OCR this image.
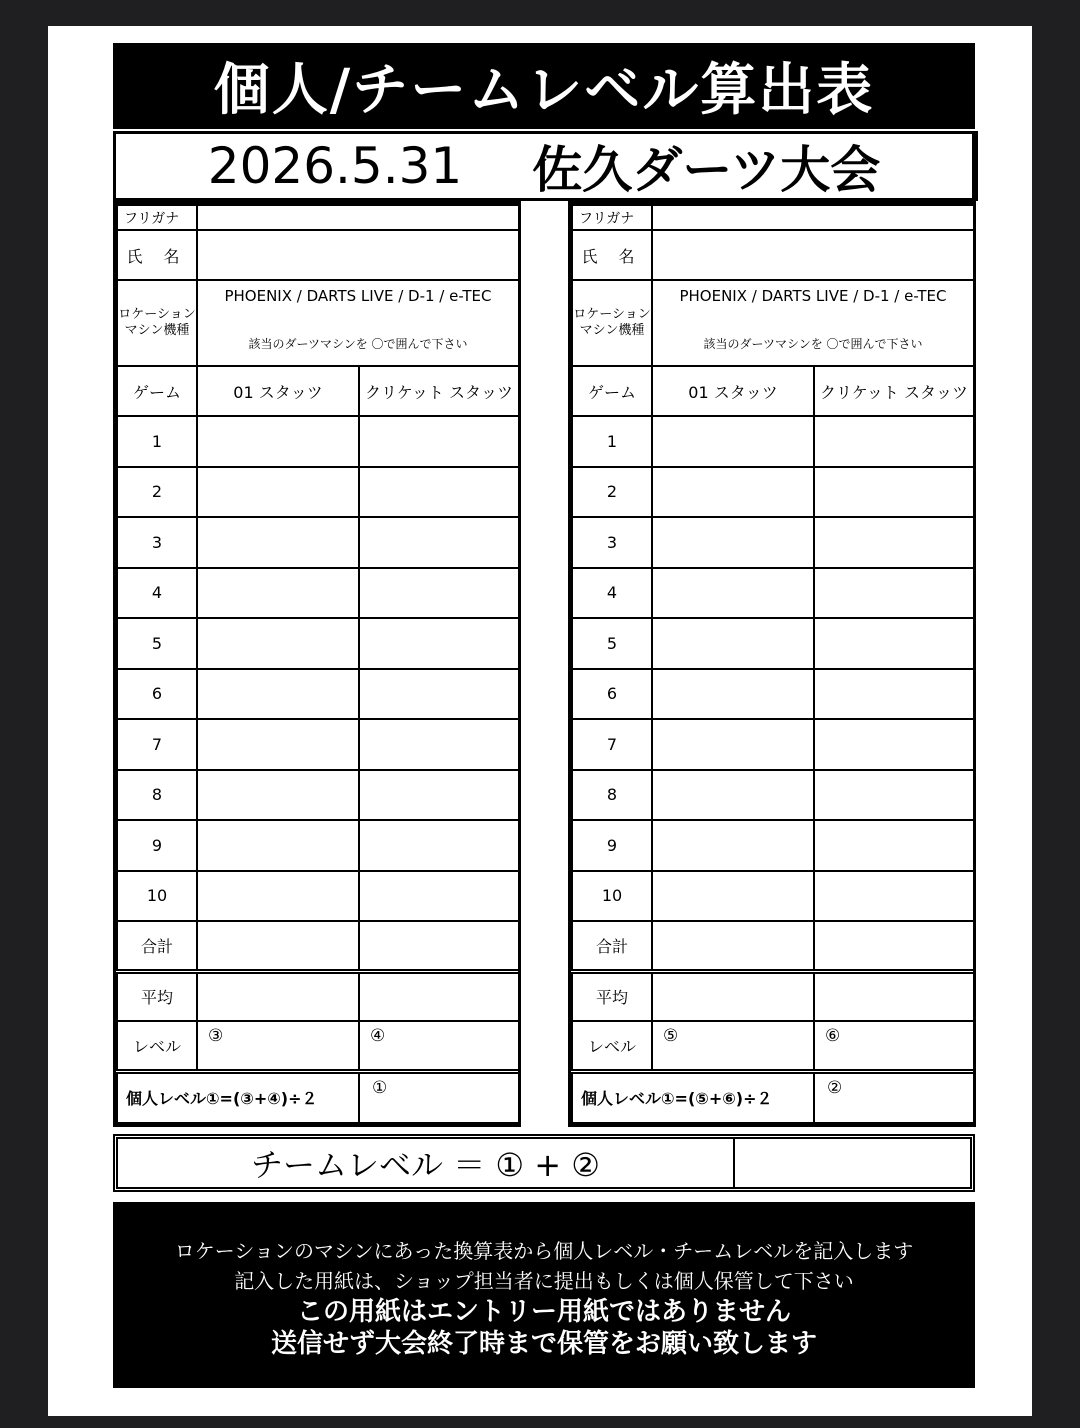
個人/チームレベル算出表
2026.5.31 佐久ダーツ大会
フリガナ		
氏 名		
ロケーションマシン機種	PHOENIX / DARTS LIVE / D-1 / e-TEC
該当のダーツマシンを 〇で囲んで下さい	

ゲーム	01 スタッツ	クリケット スタッツ
1		
2		
3		
4		
5		
6		
7		
8		
9		
10		
合計		
平均		
レベル	③	④
個人レベル①=(③+④)÷２		①
フリガナ		
氏 名		
ロケーションマシン機種	PHOENIX / DARTS LIVE / D-1 / e-TEC
該当のダーツマシンを 〇で囲んで下さい	

ゲーム	01 スタッツ	クリケット スタッツ
1		
2		
3		
4		
5		
6		
7		
8		
9		
10		
合計		
平均		
レベル	⑤	⑥
個人レベル①=(⑤+⑥)÷２		②
チームレベル ＝ ① + ②
ロケーションのマシンにあった換算表から個人レベル・チームレベルを記入します
記入した用紙は、ショップ担当者に提出もしくは個人保管して下さい
この用紙はエントリー用紙ではありません
送信せず大会終了時まで保管をお願い致します
